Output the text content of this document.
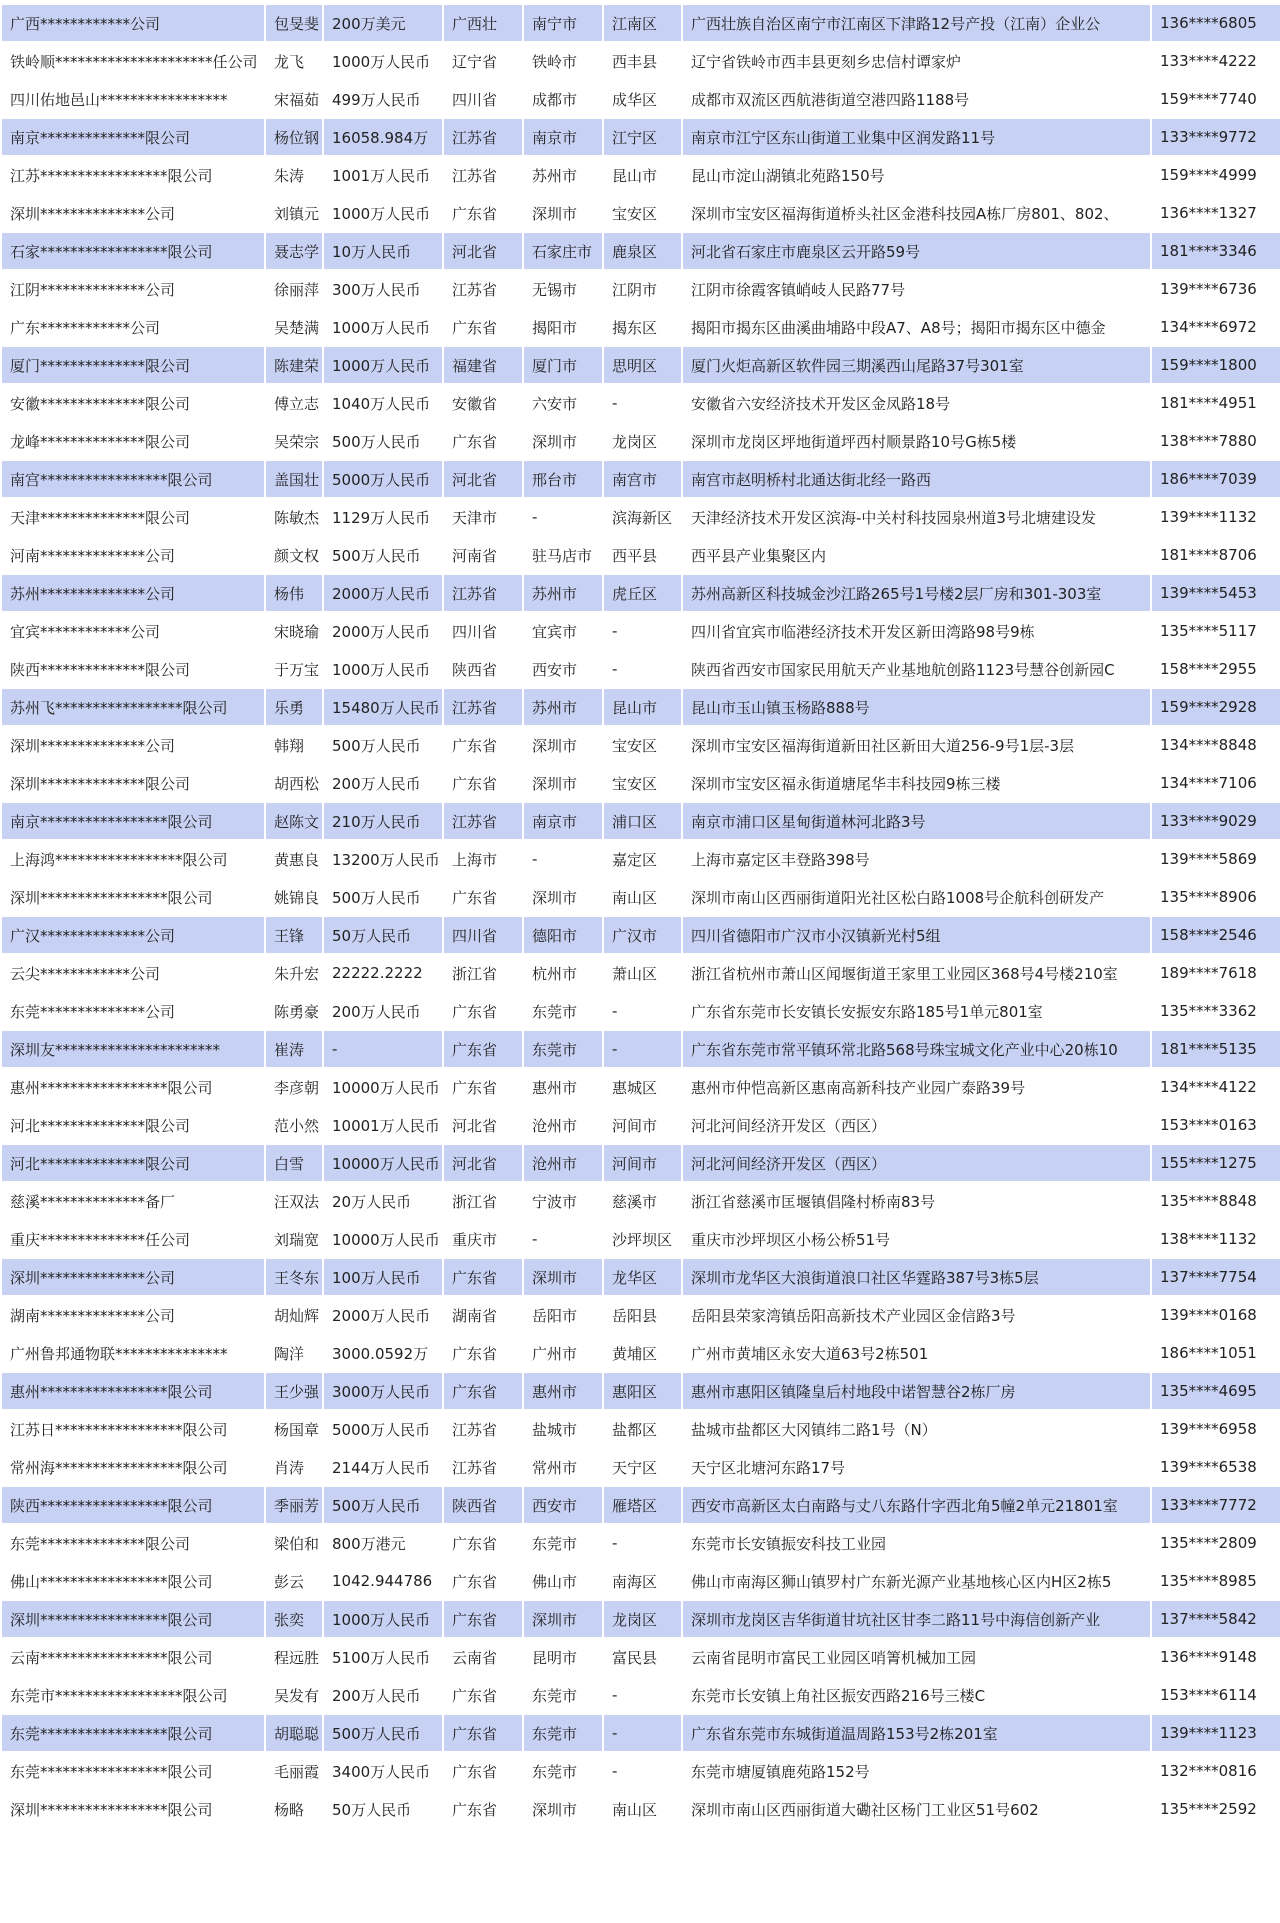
广西************公司	包旻斐	200万美元	广西壮	南宁市	江南区	广西壮族自治区南宁市江南区下津路12号产投（江南）企业公	136****6805
铁岭顺*********************任公司	龙飞	1000万人民币	辽宁省	铁岭市	西丰县	辽宁省铁岭市西丰县更刻乡忠信村谭家炉	133****4222
四川佑地邑山*****************	宋福茹	499万人民币	四川省	成都市	成华区	成都市双流区西航港街道空港四路1188号	159****7740
南京**************限公司	杨位钢	16058.984万	江苏省	南京市	江宁区	南京市江宁区东山街道工业集中区润发路11号	133****9772
江苏*****************限公司	朱涛	1001万人民币	江苏省	苏州市	昆山市	昆山市淀山湖镇北苑路150号	159****4999
深圳**************公司	刘镇元	1000万人民币	广东省	深圳市	宝安区	深圳市宝安区福海街道桥头社区金港科技园A栋厂房801、802、	136****1327
石家*****************限公司	聂志学	10万人民币	河北省	石家庄市	鹿泉区	河北省石家庄市鹿泉区云开路59号	181****3346
江阴**************公司	徐丽萍	300万人民币	江苏省	无锡市	江阴市	江阴市徐霞客镇峭岐人民路77号	139****6736
广东************公司	吴楚满	1000万人民币	广东省	揭阳市	揭东区	揭阳市揭东区曲溪曲埔路中段A7、A8号；揭阳市揭东区中德金	134****6972
厦门**************限公司	陈建荣	1000万人民币	福建省	厦门市	思明区	厦门火炬高新区软件园三期溪西山尾路37号301室	159****1800
安徽**************限公司	傅立志	1040万人民币	安徽省	六安市	-	安徽省六安经济技术开发区金凤路18号	181****4951
龙峰**************限公司	吴荣宗	500万人民币	广东省	深圳市	龙岗区	深圳市龙岗区坪地街道坪西村顺景路10号G栋5楼	138****7880
南宫*****************限公司	盖国壮	5000万人民币	河北省	邢台市	南宫市	南宫市赵明桥村北通达街北经一路西	186****7039
天津**************限公司	陈敏杰	1129万人民币	天津市	-	滨海新区	天津经济技术开发区滨海-中关村科技园泉州道3号北塘建设发	139****1132
河南**************公司	颜文权	500万人民币	河南省	驻马店市	西平县	西平县产业集聚区内	181****8706
苏州**************公司	杨伟	2000万人民币	江苏省	苏州市	虎丘区	苏州高新区科技城金沙江路265号1号楼2层厂房和301-303室	139****5453
宜宾************公司	宋晓瑜	2000万人民币	四川省	宜宾市	-	四川省宜宾市临港经济技术开发区新田湾路98号9栋	135****5117
陕西**************限公司	于万宝	1000万人民币	陕西省	西安市	-	陕西省西安市国家民用航天产业基地航创路1123号慧谷创新园C	158****2955
苏州飞*****************限公司	乐勇	15480万人民币	江苏省	苏州市	昆山市	昆山市玉山镇玉杨路888号	159****2928
深圳**************公司	韩翔	500万人民币	广东省	深圳市	宝安区	深圳市宝安区福海街道新田社区新田大道256-9号1层-3层	134****8848
深圳**************限公司	胡西松	200万人民币	广东省	深圳市	宝安区	深圳市宝安区福永街道塘尾华丰科技园9栋三楼	134****7106
南京*****************限公司	赵陈文	210万人民币	江苏省	南京市	浦口区	南京市浦口区星甸街道林河北路3号	133****9029
上海鸿*****************限公司	黄惠良	13200万人民币	上海市	-	嘉定区	上海市嘉定区丰登路398号	139****5869
深圳*****************限公司	姚锦良	500万人民币	广东省	深圳市	南山区	深圳市南山区西丽街道阳光社区松白路1008号企航科创研发产	135****8906
广汉**************公司	王锋	50万人民币	四川省	德阳市	广汉市	四川省德阳市广汉市小汉镇新光村5组	158****2546
云尖************公司	朱升宏	22222.2222	浙江省	杭州市	萧山区	浙江省杭州市萧山区闻堰街道王家里工业园区368号4号楼210室	189****7618
东莞**************公司	陈勇豪	200万人民币	广东省	东莞市	-	广东省东莞市长安镇长安振安东路185号1单元801室	135****3362
深圳友**********************	崔涛	-	广东省	东莞市	-	广东省东莞市常平镇环常北路568号珠宝城文化产业中心20栋10	181****5135
惠州*****************限公司	李彦朝	10000万人民币	广东省	惠州市	惠城区	惠州市仲恺高新区惠南高新科技产业园广泰路39号	134****4122
河北**************限公司	范小然	10001万人民币	河北省	沧州市	河间市	河北河间经济开发区（西区）	153****0163
河北**************限公司	白雪	10000万人民币	河北省	沧州市	河间市	河北河间经济开发区（西区）	155****1275
慈溪**************备厂	汪双法	20万人民币	浙江省	宁波市	慈溪市	浙江省慈溪市匡堰镇倡隆村桥南83号	135****8848
重庆**************任公司	刘瑞宽	10000万人民币	重庆市	-	沙坪坝区	重庆市沙坪坝区小杨公桥51号	138****1132
深圳**************公司	王冬东	100万人民币	广东省	深圳市	龙华区	深圳市龙华区大浪街道浪口社区华霆路387号3栋5层	137****7754
湖南**************公司	胡灿辉	2000万人民币	湖南省	岳阳市	岳阳县	岳阳县荣家湾镇岳阳高新技术产业园区金信路3号	139****0168
广州鲁邦通物联***************	陶洋	3000.0592万	广东省	广州市	黄埔区	广州市黄埔区永安大道63号2栋501	186****1051
惠州*****************限公司	王少强	3000万人民币	广东省	惠州市	惠阳区	惠州市惠阳区镇隆皇后村地段中诺智慧谷2栋厂房	135****4695
江苏日*****************限公司	杨国章	5000万人民币	江苏省	盐城市	盐都区	盐城市盐都区大冈镇纬二路1号（N）	139****6958
常州海*****************限公司	肖涛	2144万人民币	江苏省	常州市	天宁区	天宁区北塘河东路17号	139****6538
陕西*****************限公司	季丽芳	500万人民币	陕西省	西安市	雁塔区	西安市高新区太白南路与丈八东路什字西北角5幢2单元21801室	133****7772
东莞**************限公司	梁伯和	800万港元	广东省	东莞市	-	东莞市长安镇振安科技工业园	135****2809
佛山*****************限公司	彭云	1042.944786	广东省	佛山市	南海区	佛山市南海区狮山镇罗村广东新光源产业基地核心区内H区2栋5	135****8985
深圳*****************限公司	张奕	1000万人民币	广东省	深圳市	龙岗区	深圳市龙岗区吉华街道甘坑社区甘李二路11号中海信创新产业	137****5842
云南*****************限公司	程远胜	5100万人民币	云南省	昆明市	富民县	云南省昆明市富民工业园区哨箐机械加工园	136****9148
东莞市*****************限公司	吴发有	200万人民币	广东省	东莞市	-	东莞市长安镇上角社区振安西路216号三楼C	153****6114
东莞*****************限公司	胡聪聪	500万人民币	广东省	东莞市	-	广东省东莞市东城街道温周路153号2栋201室	139****1123
东莞*****************限公司	毛丽霞	3400万人民币	广东省	东莞市	-	东莞市塘厦镇鹿苑路152号	132****0816
深圳*****************限公司	杨略	50万人民币	广东省	深圳市	南山区	深圳市南山区西丽街道大磡社区杨门工业区51号602	135****2592
